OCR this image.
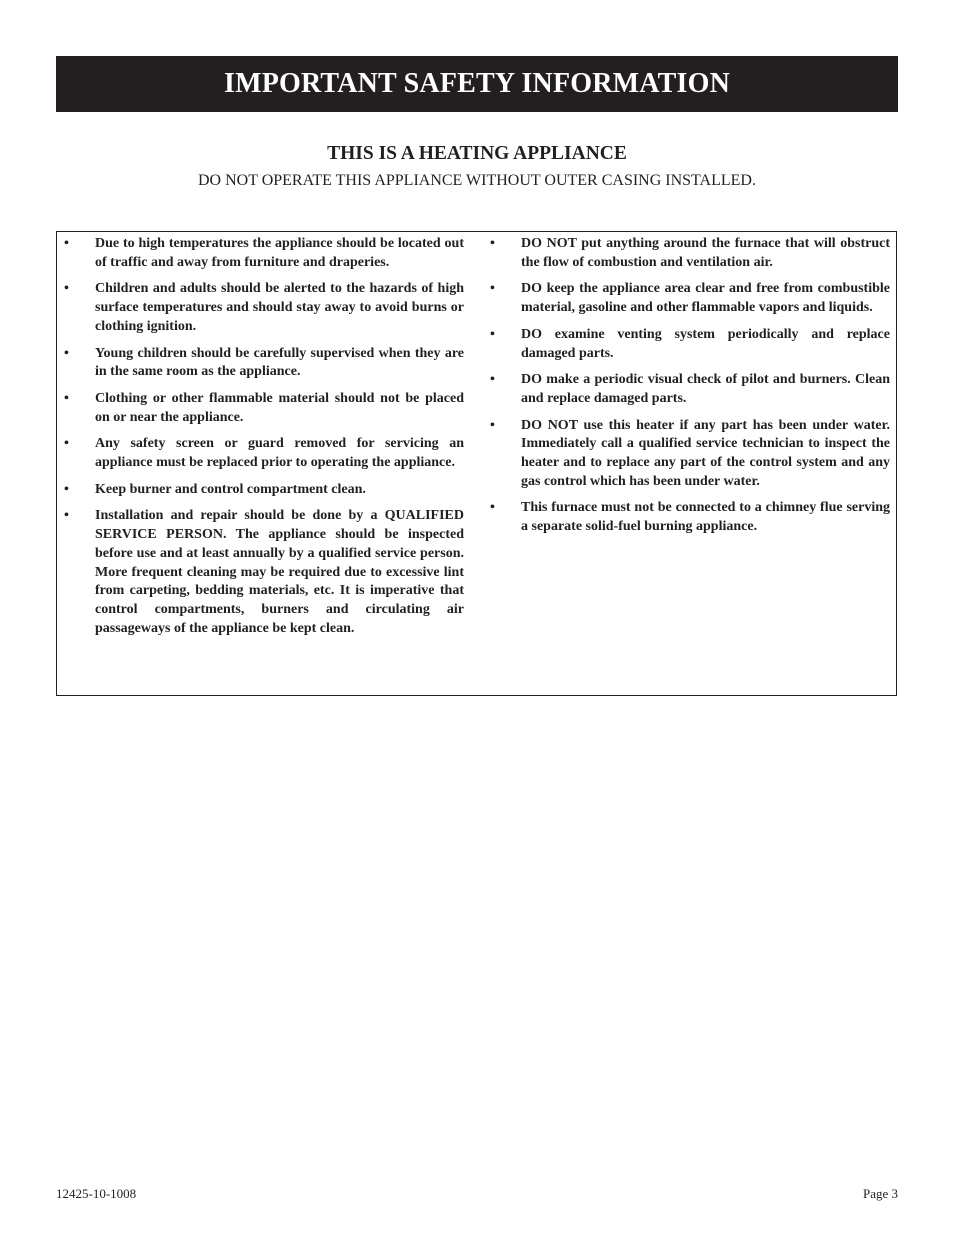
IMPORTANT SAFETY INFORMATION
THIS IS A HEATING APPLIANCE
DO NOT OPERATE THIS APPLIANCE WITHOUT OUTER CASING INSTALLED.
•	Due to high temperatures the appliance should be located out of traffic and away from furniture and draperies.
•	Children and adults should be alerted to the hazards of high surface temperatures and should stay away to avoid burns or clothing ignition.
•	Young children should be carefully supervised when they are in the same room as the appliance.
•	Clothing or other flammable material should not be placed on or near the appliance.
•	Any safety screen or guard removed for servicing an appliance must be replaced prior to operating the appliance.
•	Keep burner and control compartment clean.
•	Installation and repair should be done by a QUALIFIED SERVICE PERSON. The appliance should be inspected before use and at least annually by a qualified service person. More frequent cleaning may be required due to excessive lint from carpeting, bedding materials, etc. It is imperative that control compartments, burners and circulating air passageways of the appliance be kept clean.
•	DO NOT put anything around the furnace that will obstruct the flow of combustion and ventilation air.
•	DO keep the appliance area clear and free from combustible material, gasoline and other flammable vapors and liquids.
•	DO examine venting system periodically and replace damaged parts.
•	DO make a periodic visual check of pilot and burners. Clean and replace damaged parts.
•	DO NOT use this heater if any part has been under water. Immediately call a qualified service technician to inspect the heater and to replace any part of the control system and any gas control which has been under water.
•	This furnace must not be connected to a chimney flue serving a separate solid-fuel burning appliance.
12425-10-1008	Page 3
